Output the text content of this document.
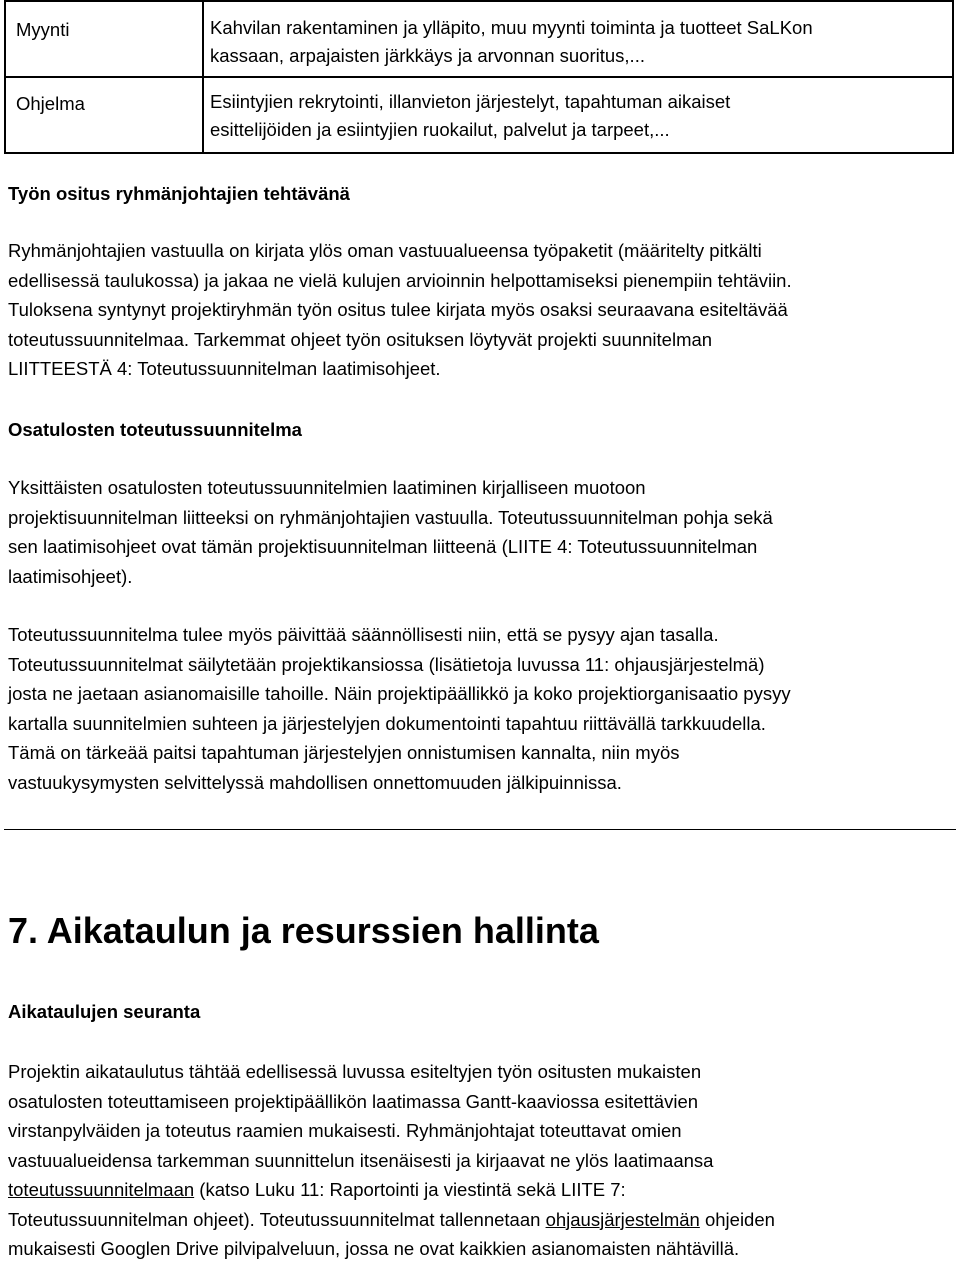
Myynti	Kahvilan rakentaminen ja ylläpito, muu myynti toiminta ja tuotteet SaLKon
kassaan, arpajaisten järkkäys ja arvonnan suoritus,...

Ohjelma	Esiintyjien rekrytointi, illanvieton järjestelyt, tapahtuman aikaiset
esittelijöiden ja esiintyjien ruokailut, palvelut ja tarpeet,...
Työn ositus ryhmänjohtajien tehtävänä
Ryhmänjohtajien vastuulla on kirjata ylös oman vastuualueensa työpaketit (määritelty pitkälti
edellisessä taulukossa) ja jakaa ne vielä kulujen arvioinnin helpottamiseksi pienempiin tehtäviin.
Tuloksena syntynyt projektiryhmän työn ositus tulee kirjata myös osaksi seuraavana esiteltävää
toteutussuunnitelmaa. Tarkemmat ohjeet työn osituksen löytyvät projekti suunnitelman
LIITTEESTÄ 4: Toteutussuunnitelman laatimisohjeet.
Osatulosten toteutussuunnitelma
Yksittäisten osatulosten toteutussuunnitelmien laatiminen kirjalliseen muotoon
projektisuunnitelman liitteeksi on ryhmänjohtajien vastuulla. Toteutussuunnitelman pohja sekä
sen laatimisohjeet ovat tämän projektisuunnitelman liitteenä (LIITE 4: Toteutussuunnitelman
laatimisohjeet).
Toteutussuunnitelma tulee myös päivittää säännöllisesti niin, että se pysyy ajan tasalla.
Toteutussuunnitelmat säilytetään projektikansiossa (lisätietoja luvussa 11: ohjausjärjestelmä)
josta ne jaetaan asianomaisille tahoille. Näin projektipäällikkö ja koko projektiorganisaatio pysyy
kartalla suunnitelmien suhteen ja järjestelyjen dokumentointi tapahtuu riittävällä tarkkuudella.
Tämä on tärkeää paitsi tapahtuman järjestelyjen onnistumisen kannalta, niin myös
vastuukysymysten selvittelyssä mahdollisen onnettomuuden jälkipuinnissa.
7. Aikataulun ja resurssien hallinta
Aikataulujen seuranta
Projektin aikataulutus tähtää edellisessä luvussa esiteltyjen työn ositusten mukaisten
osatulosten toteuttamiseen projektipäällikön laatimassa Gantt-kaaviossa esitettävien
virstanpylväiden ja toteutus raamien mukaisesti. Ryhmänjohtajat toteuttavat omien
vastuualueidensa tarkemman suunnittelun itsenäisesti ja kirjaavat ne ylös laatimaansa
toteutussuunnitelmaan (katso Luku 11: Raportointi ja viestintä sekä LIITE 7:
Toteutussuunnitelman ohjeet). Toteutussuunnitelmat tallennetaan ohjausjärjestelmän ohjeiden
mukaisesti Googlen Drive pilvipalveluun, jossa ne ovat kaikkien asianomaisten nähtävillä.
